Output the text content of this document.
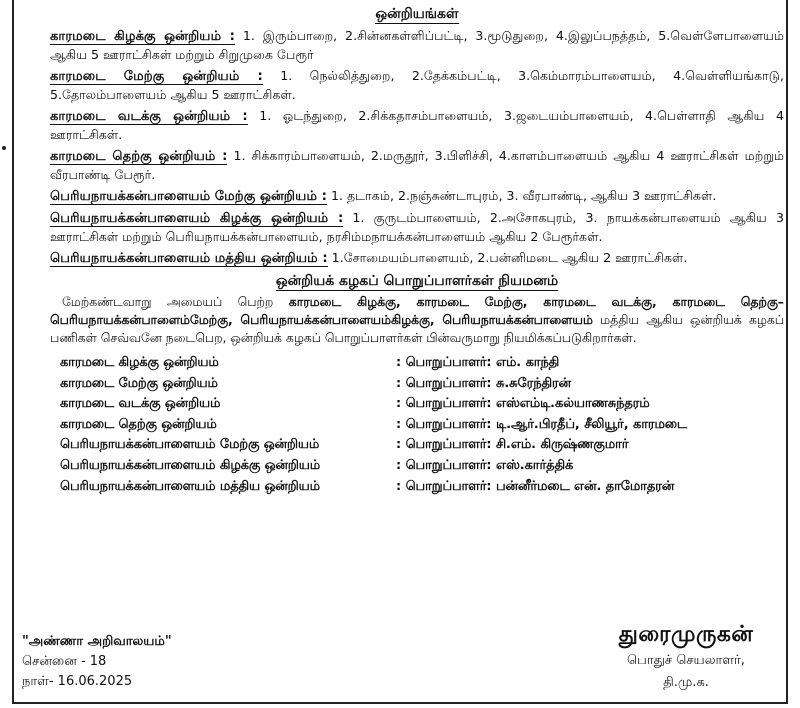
ஒன்றியங்கள்

காரமடை கிழக்கு ஒன்றியம் : 1. இரும்பாறை, 2.சின்னகள்ளிப்பட்டி, 3.மூடுதுறை, 4.இலுப்பநத்தம், 5.வெள்ளேபாளையம் ஆகிய 5 ஊராட்சிகள் மற்றும் சிறுமுகை பேரூர்

காரமடை மேற்கு ஒன்றியம் : 1. நெல்லித்துறை, 2.தேக்கம்பட்டி, 3.கெம்மாரம்பாளையம், 4.வெள்ளியங்காடு, 5.தோலம்பாளையம் ஆகிய 5 ஊராட்சிகள்.

காரமடை வடக்கு ஒன்றியம் : 1. ஓடந்துறை, 2.சிக்கதாசம்பாளையம், 3.ஜடையம்பாளையம், 4.பெள்ளாதி ஆகிய 4 ஊராட்சிகள்.

காரமடை தெற்கு ஒன்றியம் : 1. சிக்காரம்பாளையம், 2.மருதூர், 3.பிளிச்சி, 4.காளம்பாளையம் ஆகிய 4 ஊராட்சிகள் மற்றும் வீரபாண்டி பேரூர்.

பெரியநாயக்கன்பாளையம் மேற்கு ஒன்றியம் : 1. தடாகம், 2.நஞ்சுண்டாபுரம், 3. வீரபாண்டி, ஆகிய 3 ஊராட்சிகள்.

பெரியநாயக்கன்பாளையம் கிழக்கு ஒன்றியம் : 1. குருடம்பாளையம், 2.அசோகபுரம், 3. நாயக்கன்பாளையம் ஆகிய 3 ஊராட்சிகள் மற்றும் பெரியநாயக்கன்பாளையம், நரசிம்மநாயக்கன்பாளையம் ஆகிய 2 பேரூர்கள்.

பெரியநாயக்கன்பாளையம் மத்திய ஒன்றியம் : 1.சோமையம்பாளையம், 2.பன்னிமடை ஆகிய 2 ஊராட்சிகள்.

ஒன்றியக் கழகப் பொறுப்பாளர்கள் நியமனம்

மேற்கண்டவாறு அமையப் பெற்ற காரமடை கிழக்கு, காரமடை மேற்கு, காரமடை வடக்கு, காரமடை தெற்கு– பெரியநாயக்கன்பாளைம்மேற்கு, பெரியநாயக்கன்பாளையம்கிழக்கு, பெரியநாயக்கன்பாளையம் மத்திய ஆகிய ஒன்றியக் கழகப் பணிகள் செவ்வனே நடைபெற, ஒன்றியக் கழகப் பொறுப்பாளர்கள் பின்வருமாறு நியமிக்கப்படுகிறார்கள்.

காரமடை கிழக்கு ஒன்றியம்	: பொறுப்பாளர்: எம். காந்தி
காரமடை மேற்கு ஒன்றியம்	: பொறுப்பாளர்: சு.சுரேந்திரன்
காரமடை வடக்கு ஒன்றியம்	: பொறுப்பாளர்: எஸ்எம்டி.கல்யாணசுந்தரம்
காரமடை தெற்கு ஒன்றியம்	: பொறுப்பாளர்: டி.ஆர்.பிரதீப், சீலியூர், காரமடை
பெரியநாயக்கன்பாளையம் மேற்கு ஒன்றியம்	: பொறுப்பாளர்: சி.எம். கிருஷ்ணகுமார்
பெரியநாயக்கன்பாளையம் கிழக்கு ஒன்றியம்	: பொறுப்பாளர்: எஸ்.கார்த்திக்
பெரியநாயக்கன்பாளையம் மத்திய ஒன்றியம்	: பொறுப்பாளர்: பன்னீர்மடை என். தாமோதரன்
"அண்ணா அறிவாலயம்"
சென்னை - 18
நாள்- 16.06.2025
துரைமுருகன்
பொதுச் செயலாளர்,
தி.மு.க.
